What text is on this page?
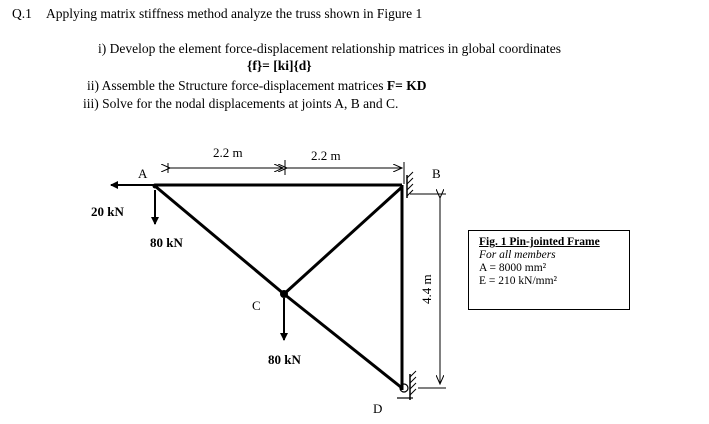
Q.1 Applying matrix stiffness method analyze the truss shown in Figure 1
i) Develop the element force-displacement relationship matrices in global coordinates
{f}= [ki]{d}
ii) Assemble the Structure force-displacement matrices F= KD
iii) Solve for the nodal displacements at joints A, B and C.
2.2 m	2.2 m
A	B
C
D
20 kN
80 kN
80 kN
4.4 m
Fig. 1 Pin-jointed Frame
For all members
A = 8000 mm²
E = 210 kN/mm²
